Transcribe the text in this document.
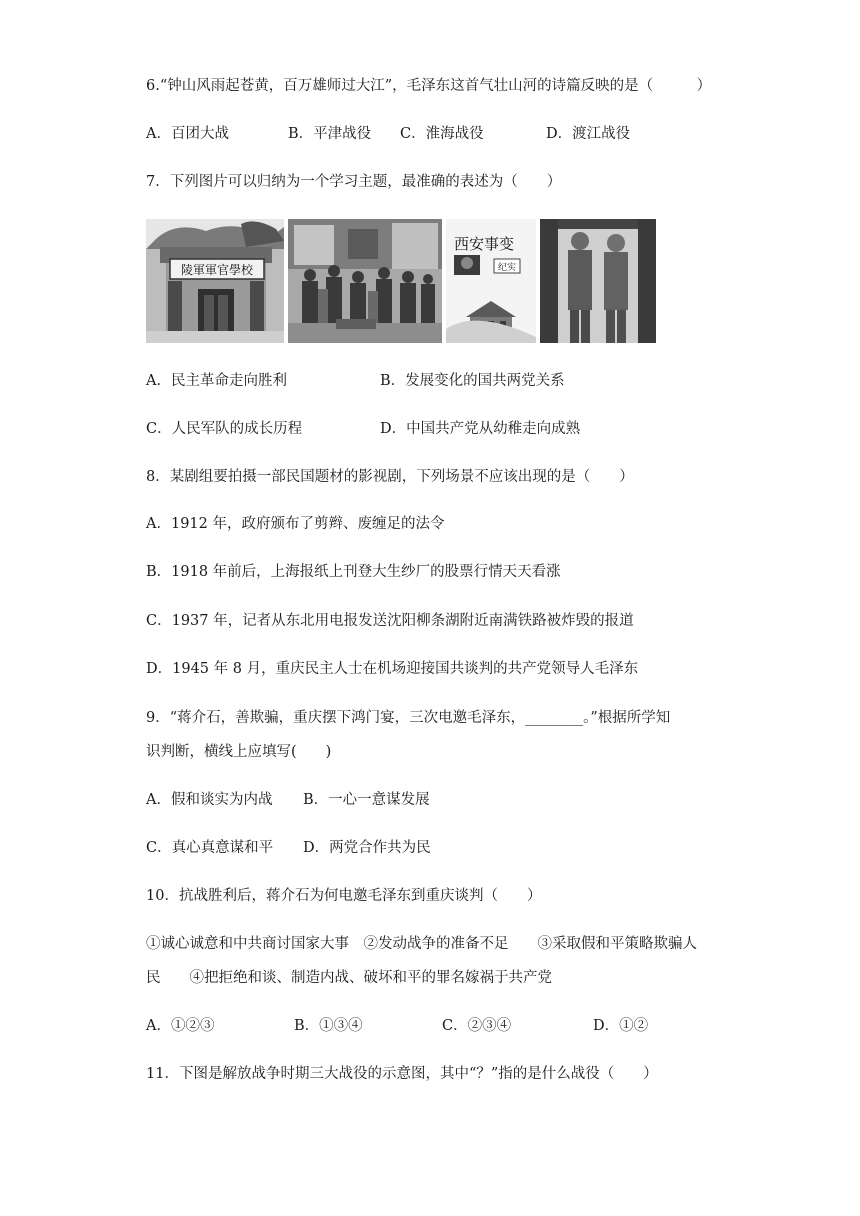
6.“钟山风雨起苍黄，百万雄师过大江”，毛泽东这首气壮山河的诗篇反映的是（　　　）
A．百团大战	B．平津战役 C．淮海战役	D．渡江战役
7．下列图片可以归纳为一个学习主题，最准确的表述为（　　）
陵軍軍官學校
西安事变
纪实
A．民主革命走向胜利	B．发展变化的国共两党关系
C．人民军队的成长历程	D．中国共产党从幼稚走向成熟
8．某剧组要拍摄一部民国题材的影视剧，下列场景不应该出现的是（　　）
A．1912 年，政府颁布了剪辫、废缠足的法令
B．1918 年前后，上海报纸上刊登大生纱厂的股票行情天天看涨
C．1937 年，记者从东北用电报发送沈阳柳条湖附近南满铁路被炸毁的报道
D．1945 年 8 月，重庆民主人士在机场迎接国共谈判的共产党领导人毛泽东
9．“蒋介石，善欺骗，重庆摆下鸿门宴，三次电邀毛泽东，________。”根据所学知
识判断，横线上应填写(　　)
A．假和谈实为内战 B．一心一意谋发展
C．真心真意谋和平 D．两党合作共为民
10．抗战胜利后，蒋介石为何电邀毛泽东到重庆谈判（　　）
①诚心诚意和中共商讨国家大事　②发动战争的准备不足　　③采取假和平策略欺骗人
民　　④把拒绝和谈、制造内战、破坏和平的罪名嫁祸于共产党
A．①②③	B．①③④	C．②③④	D．①②
11．下图是解放战争时期三大战役的示意图，其中“？”指的是什么战役（　　）
